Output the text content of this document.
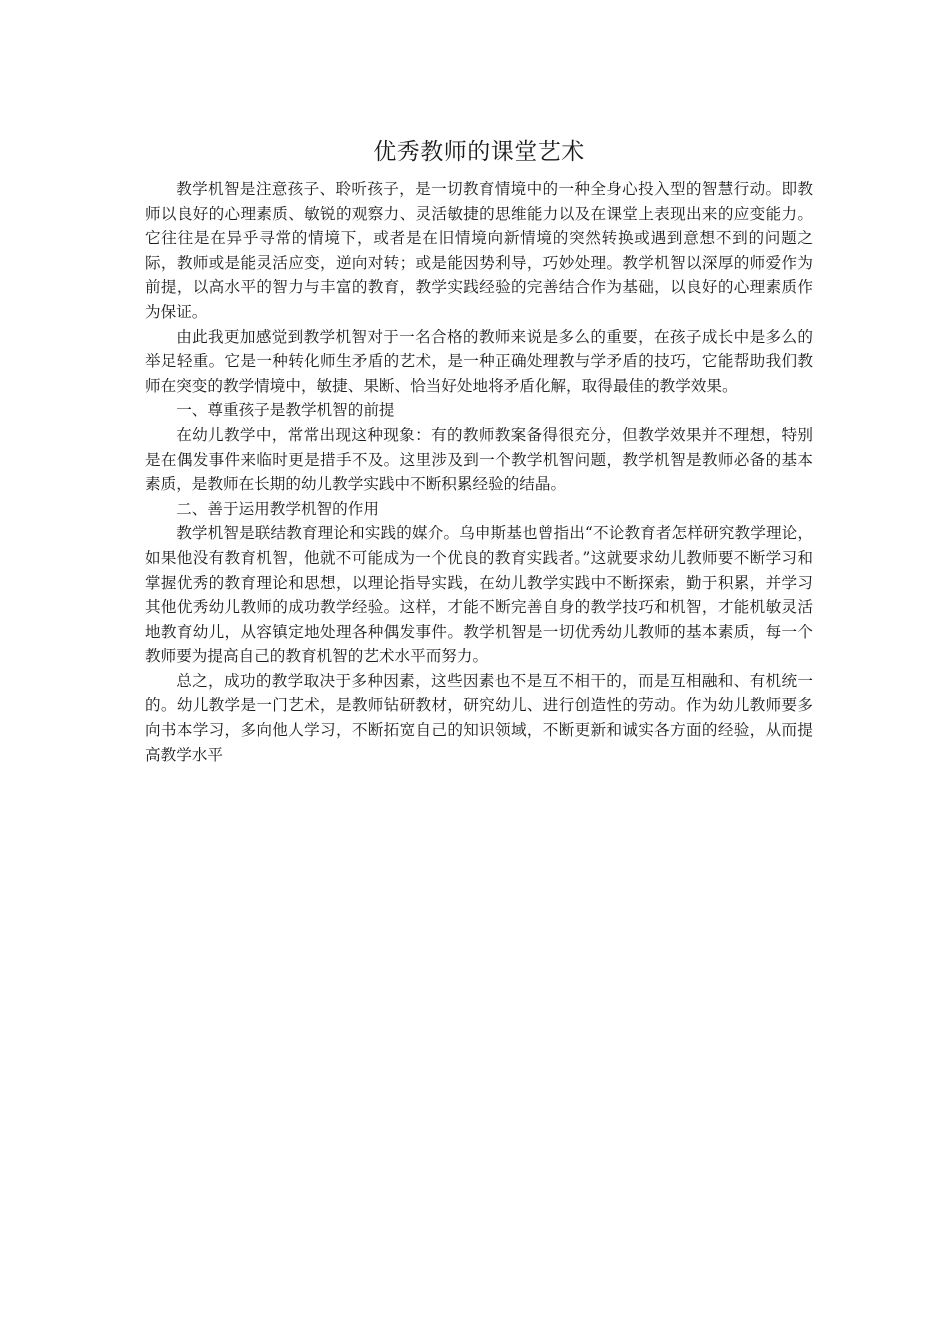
优秀教师的课堂艺术

教学机智是注意孩子、聆听孩子，是一切教育情境中的一种全身心投入型的智慧行动。即教师以良好的心理素质、敏锐的观察力、灵活敏捷的思维能力以及在课堂上表现出来的应变能力。它往往是在异乎寻常的情境下，或者是在旧情境向新情境的突然转换或遇到意想不到的问题之际，教师或是能灵活应变，逆向对转；或是能因势利导，巧妙处理。教学机智以深厚的师爱作为前提，以高水平的智力与丰富的教育，教学实践经验的完善结合作为基础，以良好的心理素质作为保证。

由此我更加感觉到教学机智对于一名合格的教师来说是多么的重要，在孩子成长中是多么的举足轻重。它是一种转化师生矛盾的艺术，是一种正确处理教与学矛盾的技巧，它能帮助我们教师在突变的教学情境中，敏捷、果断、恰当好处地将矛盾化解，取得最佳的教学效果。

一、尊重孩子是教学机智的前提

在幼儿教学中，常常出现这种现象：有的教师教案备得很充分，但教学效果并不理想，特别是在偶发事件来临时更是措手不及。这里涉及到一个教学机智问题，教学机智是教师必备的基本素质，是教师在长期的幼儿教学实践中不断积累经验的结晶。

二、善于运用教学机智的作用

教学机智是联结教育理论和实践的媒介。乌申斯基也曾指出“不论教育者怎样研究教学理论，如果他没有教育机智，他就不可能成为一个优良的教育实践者。”这就要求幼儿教师要不断学习和掌握优秀的教育理论和思想，以理论指导实践，在幼儿教学实践中不断探索，勤于积累，并学习其他优秀幼儿教师的成功教学经验。这样，才能不断完善自身的教学技巧和机智，才能机敏灵活地教育幼儿，从容镇定地处理各种偶发事件。教学机智是一切优秀幼儿教师的基本素质，每一个教师要为提高自己的教育机智的艺术水平而努力。

总之，成功的教学取决于多种因素，这些因素也不是互不相干的，而是互相融和、有机统一的。幼儿教学是一门艺术，是教师钻研教材，研究幼儿、进行创造性的劳动。作为幼儿教师要多向书本学习，多向他人学习，不断拓宽自己的知识领域，不断更新和诚实各方面的经验，从而提高教学水平
